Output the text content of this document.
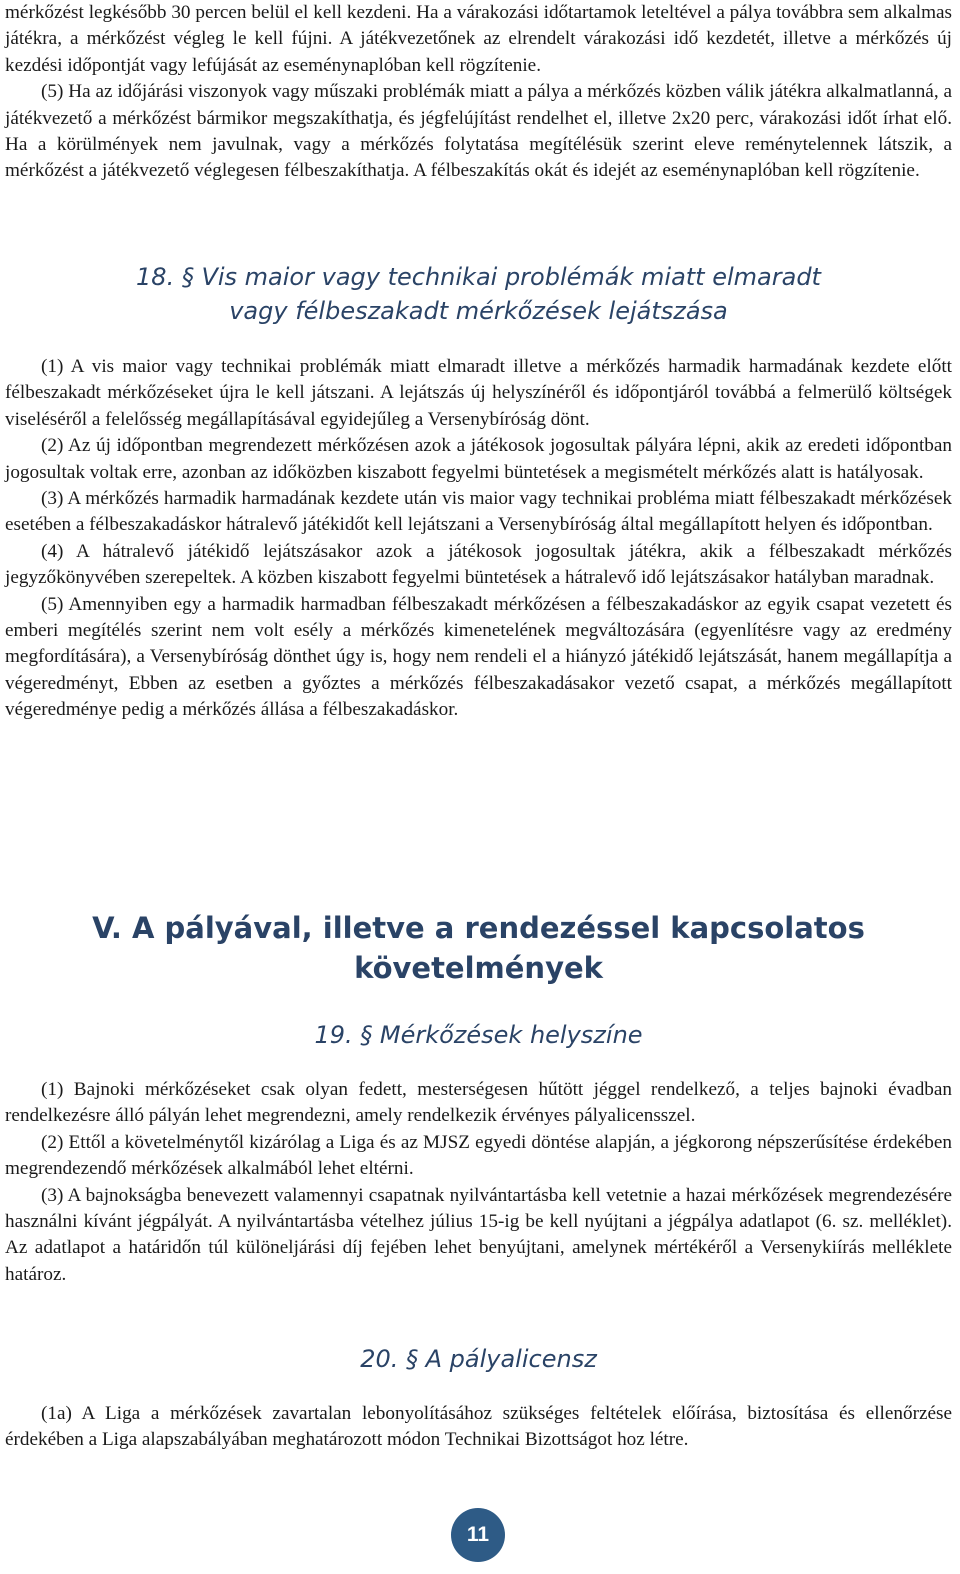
mérkőzést legkésőbb 30 percen belül el kell kezdeni. Ha a várakozási időtartamok leteltével a pálya továbbra sem alkalmas játékra, a mérkőzést végleg le kell fújni. A játékvezetőnek az elrendelt várakozási idő kezdetét, illetve a mérkőzés új kezdési időpontját vagy lefújását az eseménynaplóban kell rögzítenie.

(5) Ha az időjárási viszonyok vagy műszaki problémák miatt a pálya a mérkőzés közben válik játékra alkalmatlanná, a játékvezető a mérkőzést bármikor megszakíthatja, és jégfelújítást rendelhet el, illetve 2x20 perc, várakozási időt írhat elő. Ha a körülmények nem javulnak, vagy a mérkőzés folytatása megítélésük szerint eleve reménytelennek látszik, a mérkőzést a játékvezető véglegesen félbeszakíthatja. A félbeszakítás okát és idejét az eseménynaplóban kell rögzítenie.

18. § Vis maior vagy technikai problémák miatt elmaradt
vagy félbeszakadt mérkőzések lejátszása

(1) A vis maior vagy technikai problémák miatt elmaradt illetve a mérkőzés harmadik harmadának kezdete előtt félbeszakadt mérkőzéseket újra le kell játszani. A lejátszás új helyszínéről és időpontjáról továbbá a felmerülő költségek viseléséről a felelősség megállapításával egyidejűleg a Versenybíróság dönt.

(2) Az új időpontban megrendezett mérkőzésen azok a játékosok jogosultak pályára lépni, akik az eredeti időpontban jogosultak voltak erre, azonban az időközben kiszabott fegyelmi büntetések a megismételt mérkőzés alatt is hatályosak.

(3) A mérkőzés harmadik harmadának kezdete után vis maior vagy technikai probléma miatt félbeszakadt mérkőzések esetében a félbeszakadáskor hátralevő játékidőt kell lejátszani a Versenybíróság által megállapított helyen és időpontban.

(4) A hátralevő játékidő lejátszásakor azok a játékosok jogosultak játékra, akik a félbeszakadt mérkőzés jegyzőkönyvében szerepeltek. A közben kiszabott fegyelmi büntetések a hátralevő idő lejátszásakor hatályban maradnak.

(5) Amennyiben egy a harmadik harmadban félbeszakadt mérkőzésen a félbeszakadáskor az egyik csapat vezetett és emberi megítélés szerint nem volt esély a mérkőzés kimenetelének megváltozására (egyenlítésre vagy az eredmény megfordítására), a Versenybíróság dönthet úgy is, hogy nem rendeli el a hiányzó játékidő lejátszását, hanem megállapítja a végeredményt, Ebben az esetben a győztes a mérkőzés félbeszakadásakor vezető csapat, a mérkőzés megállapított végeredménye pedig a mérkőzés állása a félbeszakadáskor.

V. A pályával, illetve a rendezéssel kapcsolatos
követelmények
19. § Mérkőzések helyszíne

(1) Bajnoki mérkőzéseket csak olyan fedett, mesterségesen hűtött jéggel rendelkező, a teljes bajnoki évadban rendelkezésre álló pályán lehet megrendezni, amely rendelkezik érvényes pályalicensszel.

(2) Ettől a követelménytől kizárólag a Liga és az MJSZ egyedi döntése alapján, a jégkorong népszerűsítése érdekében megrendezendő mérkőzések alkalmából lehet eltérni.

(3) A bajnokságba benevezett valamennyi csapatnak nyilvántartásba kell vetetnie a hazai mérkőzések megrendezésére használni kívánt jégpályát. A nyilvántartásba vételhez július 15-ig be kell nyújtani a jégpálya adatlapot (6. sz. melléklet). Az adatlapot a határidőn túl különeljárási díj fejében lehet benyújtani, amelynek mértékéről a Versenykiírás melléklete határoz.

20. § A pályalicensz

(1a) A Liga a mérkőzések zavartalan lebonyolításához szükséges feltételek előírása, biztosítása és ellenőrzése érdekében a Liga alapszabályában meghatározott módon Technikai Bizottságot hoz létre.

11
